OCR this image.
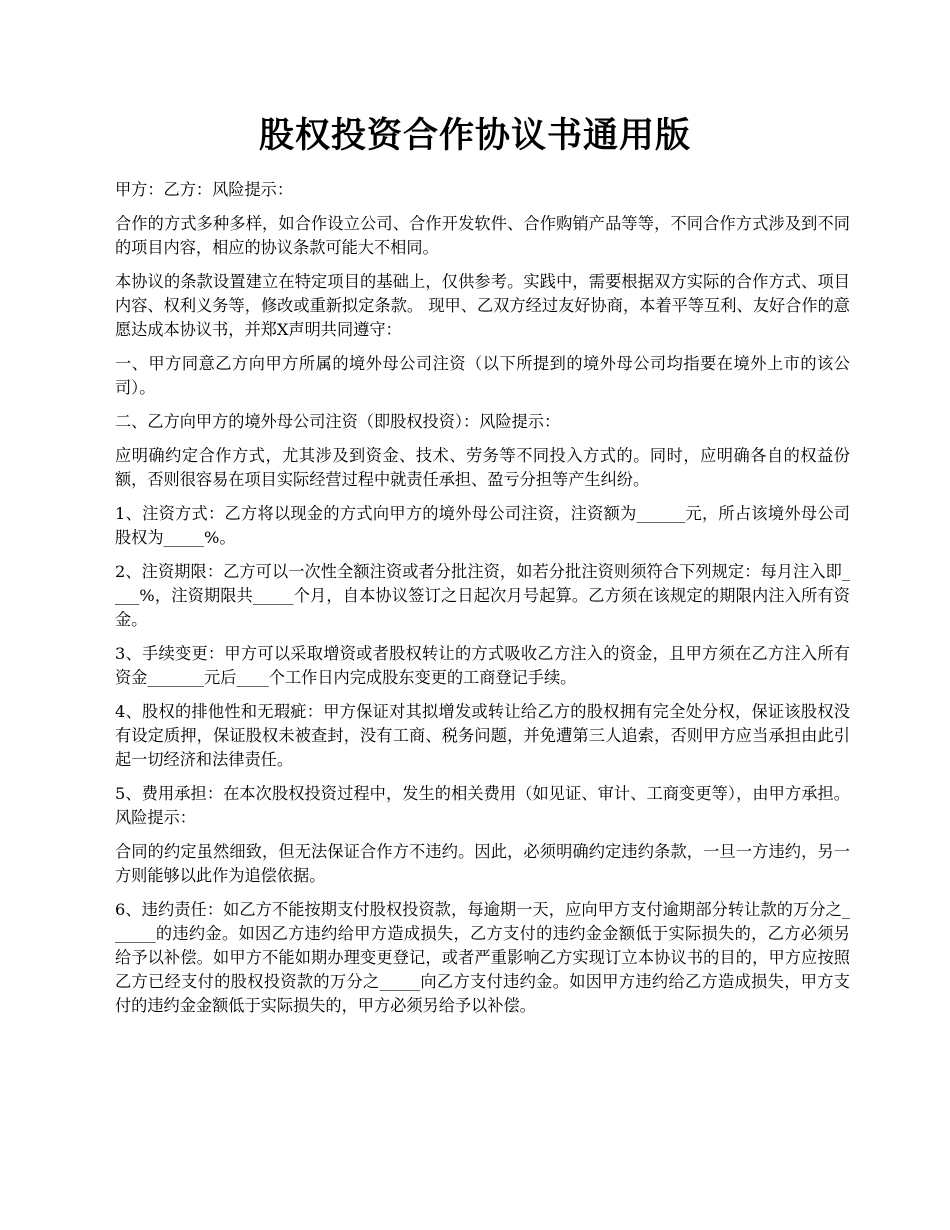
股权投资合作协议书通用版

甲方：乙方：风险提示：

合作的方式多种多样，如合作设立公司、合作开发软件、合作购销产品等等，不同合作方式涉及到不同的项目内容，相应的协议条款可能大不相同。

本协议的条款设置建立在特定项目的基础上，仅供参考。实践中，需要根据双方实际的合作方式、项目内容、权利义务等，修改或重新拟定条款。 现甲、乙双方经过友好协商，本着平等互利、友好合作的意愿达成本协议书，并郑X声明共同遵守：

一、甲方同意乙方向甲方所属的境外母公司注资（以下所提到的境外母公司均指要在境外上市的该公司）。

二、乙方向甲方的境外母公司注资（即股权投资）：风险提示：

应明确约定合作方式，尤其涉及到资金、技术、劳务等不同投入方式的。同时，应明确各自的权益份额，否则很容易在项目实际经营过程中就责任承担、盈亏分担等产生纠纷。

1、注资方式：乙方将以现金的方式向甲方的境外母公司注资，注资额为______元，所占该境外母公司股权为_____%。

2、注资期限：乙方可以一次性全额注资或者分批注资，如若分批注资则须符合下列规定：每月注入即____%，注资期限共_____个月，自本协议签订之日起次月号起算。乙方须在该规定的期限内注入所有资金。

3、手续变更：甲方可以采取增资或者股权转让的方式吸收乙方注入的资金，且甲方须在乙方注入所有资金_______元后____个工作日内完成股东变更的工商登记手续。

4、股权的排他性和无瑕疵：甲方保证对其拟增发或转让给乙方的股权拥有完全处分权，保证该股权没有设定质押，保证股权未被查封，没有工商、税务问题，并免遭第三人追索，否则甲方应当承担由此引起一切经济和法律责任。

5、费用承担：在本次股权投资过程中，发生的相关费用（如见证、审计、工商变更等），由甲方承担。风险提示：

合同的约定虽然细致，但无法保证合作方不违约。因此，必须明确约定违约条款，一旦一方违约，另一方则能够以此作为追偿依据。

6、违约责任：如乙方不能按期支付股权投资款，每逾期一天，应向甲方支付逾期部分转让款的万分之______的违约金。如因乙方违约给甲方造成损失，乙方支付的违约金金额低于实际损失的，乙方必须另给予以补偿。如甲方不能如期办理变更登记，或者严重影响乙方实现订立本协议书的目的，甲方应按照乙方已经支付的股权投资款的万分之_____向乙方支付违约金。如因甲方违约给乙方造成损失，甲方支付的违约金金额低于实际损失的，甲方必须另给予以补偿。
